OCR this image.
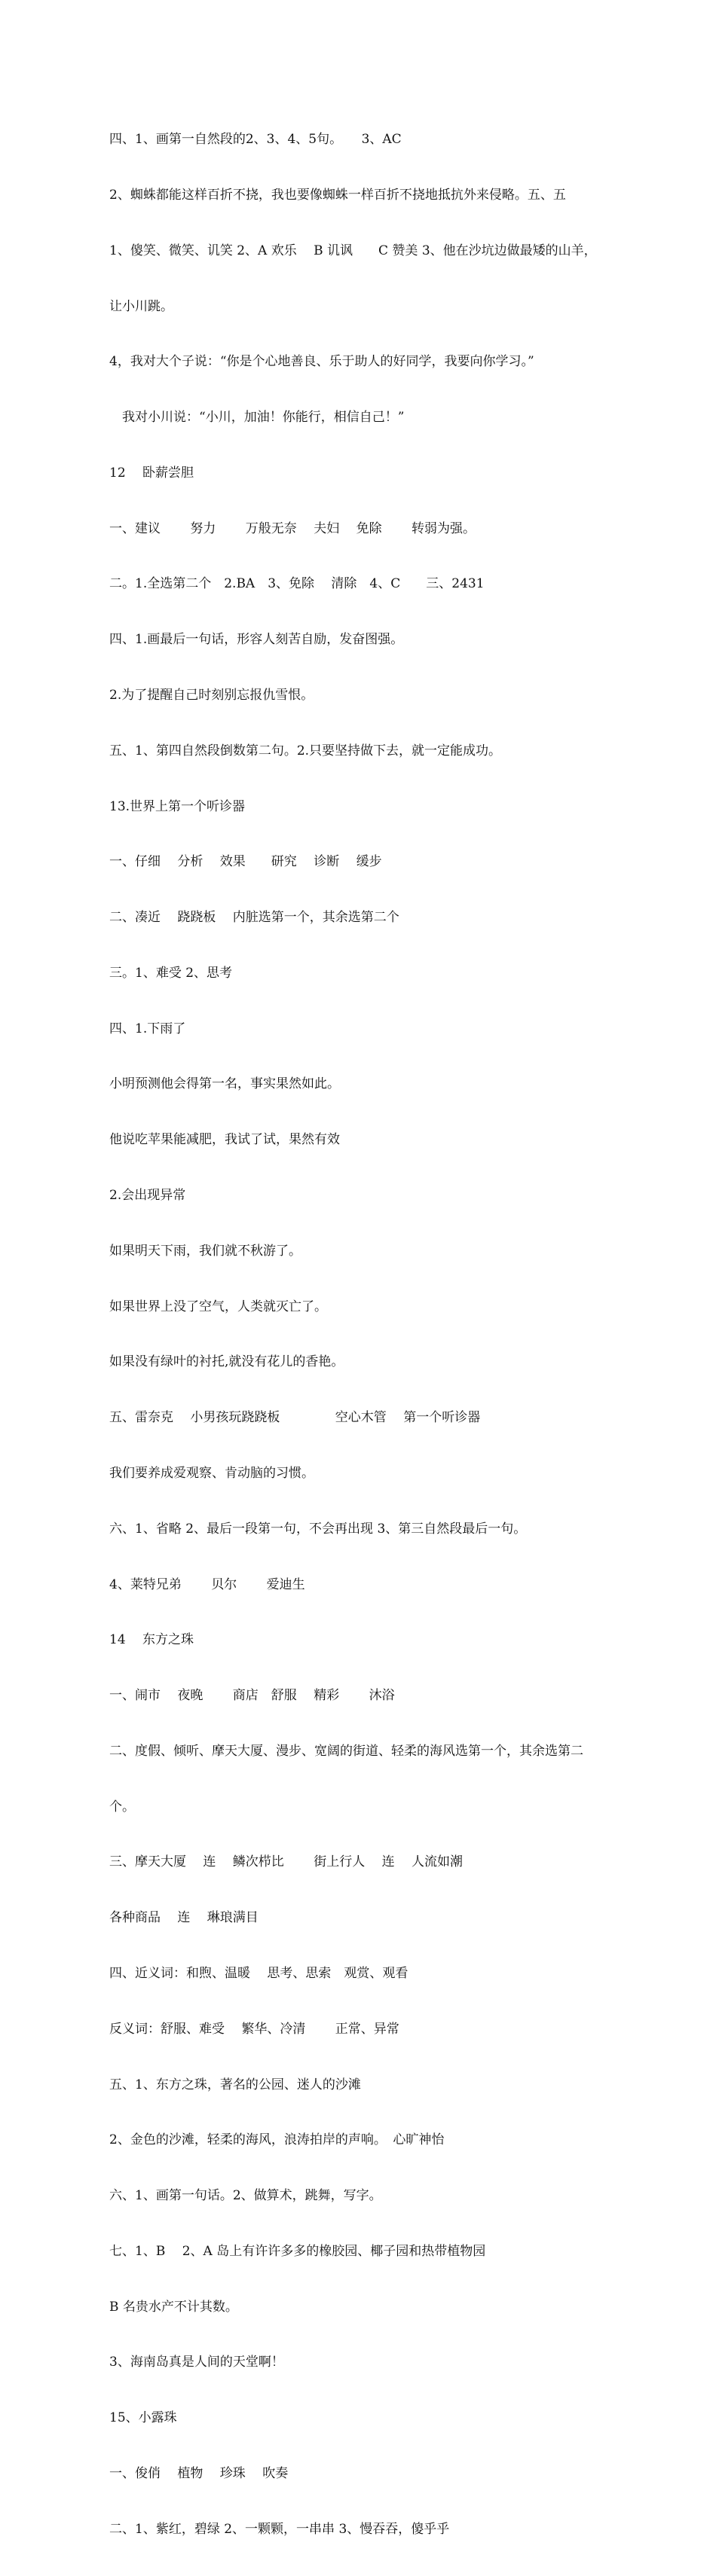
四、1、画第一自然段的2、3、4、5句。　　3、AC

2、蜘蛛都能这样百折不挠，我也要像蜘蛛一样百折不挠地抵抗外来侵略。五、五

1、傻笑、微笑、讥笑 2、A 欢乐　 B 讥讽　　C 赞美 3、他在沙坑边做最矮的山羊，

让小川跳。

4，我对大个子说：“你是个心地善良、乐于助人的好同学，我要向你学习。”

　我对小川说：“小川，加油！你能行，相信自己！”

12　 卧薪尝胆

一、建议　　 努力　　 万般无奈　 夫妇　 免除　　 转弱为强。

二。1.全选第二个　2.BA　3、免除　 清除　4、C　　三、2431

四、1.画最后一句话，形容人刻苦自励，发奋图强。

2.为了提醒自己时刻别忘报仇雪恨。

五、1、第四自然段倒数第二句。2.只要坚持做下去，就一定能成功。

13.世界上第一个听诊器

一、仔细　 分析　 效果　　研究　 诊断　 缓步

二、凑近　 跷跷板　 内脏选第一个，其余选第二个

三。1、难受 2、思考

四、1.下雨了

小明预测他会得第一名，事实果然如此。

他说吃苹果能减肥，我试了试，果然有效

2.会出现异常

如果明天下雨，我们就不秋游了。

如果世界上没了空气，人类就灭亡了。

如果没有绿叶的衬托,就没有花儿的香艳。

五、雷奈克　 小男孩玩跷跷板　　　　 空心木管　 第一个听诊器

我们要养成爱观察、肯动脑的习惯。

六、1、省略 2、最后一段第一句，不会再出现 3、第三自然段最后一句。

4、莱特兄弟　　 贝尔　　 爱迪生

14　 东方之珠

一、闹市　 夜晚　　 商店　舒服　 精彩　　 沐浴

二、度假、倾听、摩天大厦、漫步、宽阔的街道、轻柔的海风选第一个，其余选第二

个。

三、摩天大厦　 连　 鳞次栉比　　 街上行人　 连　 人流如潮

各种商品　 连　 琳琅满目

四、近义词：和煦、温暖　 思考、思索　观赏、观看

反义词：舒服、难受　 繁华、冷清　　 正常、异常

五、1、东方之珠，著名的公园、迷人的沙滩

2、金色的沙滩，轻柔的海风，浪涛拍岸的声响。　心旷神怡

六、1、画第一句话。2、做算术，跳舞，写字。

七、1、B　 2、A 岛上有许许多多的橡胶园、椰子园和热带植物园

B 名贵水产不计其数。

3、海南岛真是人间的天堂啊！

15、小露珠

一、俊俏　 植物　 珍珠　 吹奏

二、1、紫红，碧绿 2、一颗颗，一串串 3、慢吞吞，傻乎乎
